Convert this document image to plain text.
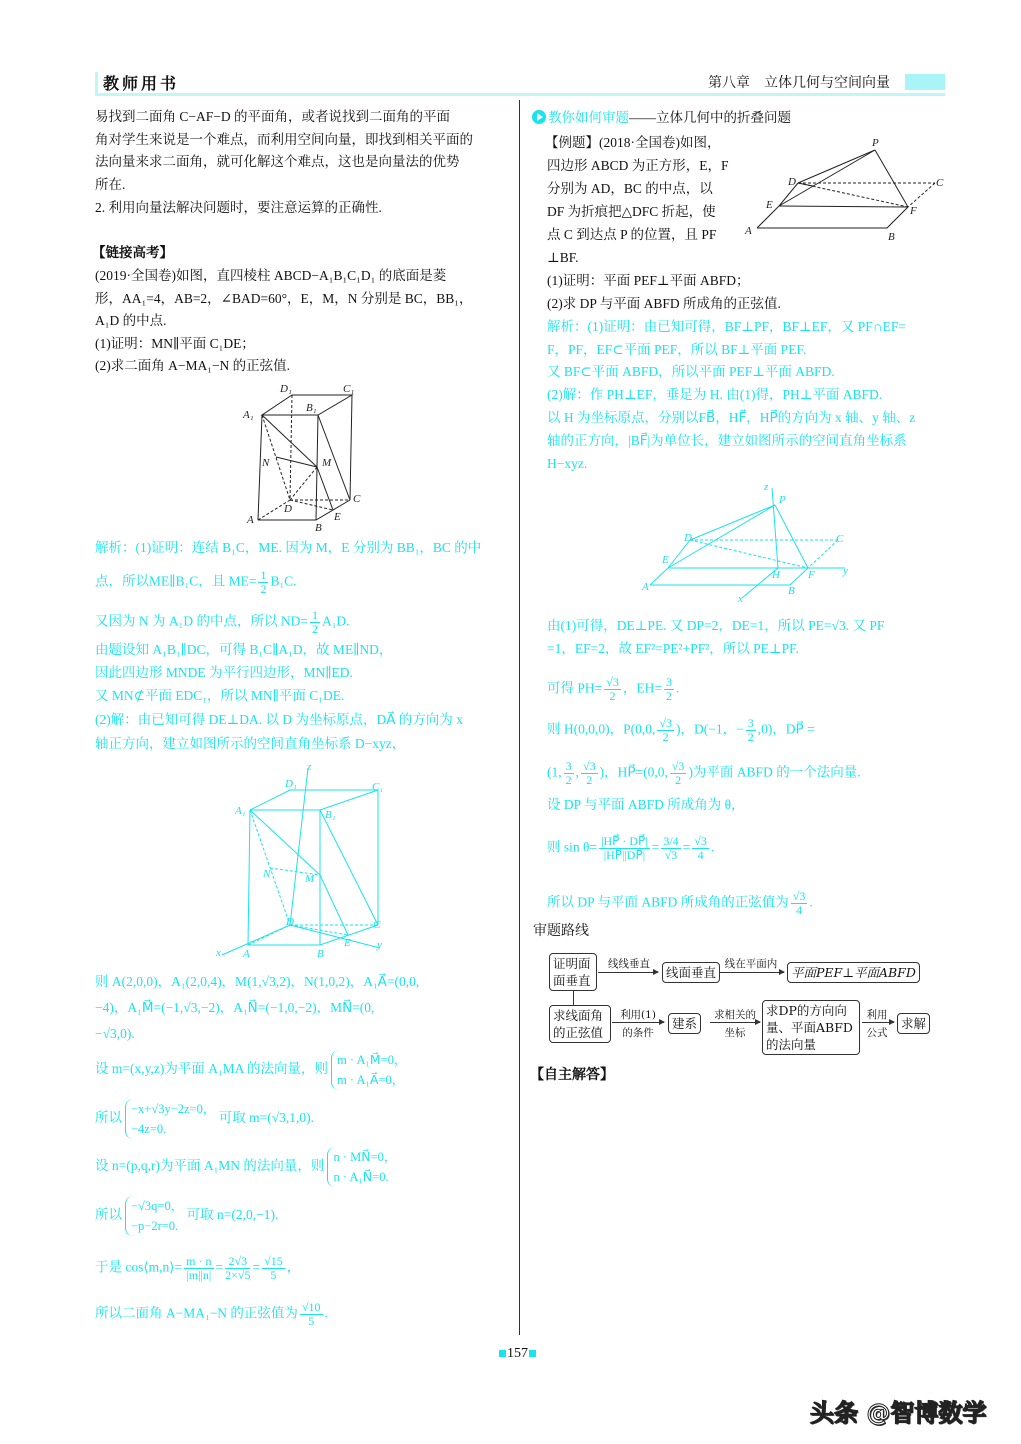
教师用书	第八章　立体几何与空间向量
易找到二面角 C−AF−D 的平面角，或者说找到二面角的平面
角对学生来说是一个难点，而利用空间向量，即找到相关平面的
法向量来求二面角，就可化解这个难点，这也是向量法的优势
所在.
2. 利用向量法解决问题时，要注意运算的正确性.
【链接高考】
(2019·全国卷)如图，直四棱柱 ABCD−A₁B₁C₁D₁ 的底面是菱
形，AA₁=4，AB=2，∠BAD=60°，E，M，N 分别是 BC，BB₁，
A₁D 的中点.
(1)证明：MN∥平面 C₁DE；
(2)求二面角 A−MA₁−N 的正弦值.
A₁
B₁
C₁
D₁
A
B
C
D
E
M
N
解析：(1)证明：连结 B₁C，ME. 因为 M，E 分别为 BB₁，BC 的中
点，所以ME∥B₁C，且 $ME= \frac{1}{2} B_1C$.
又因为 N 为 A₁D 的中点，所以 $ND= \frac{1}{2} A_1D$.
由题设知 A₁B₁∥DC，可得 B₁C∥A₁D，故 ME∥ND，
因此四边形 MNDE 为平行四边形，MN∥ED.
又 MN⊄平面 EDC₁，所以 MN∥平面 C₁DE.
(2)解：由已知可得 DE⊥DA. 以 D 为坐标原点，DA⃗ 的方向为 x
轴正方向，建立如图所示的空间直角坐标系 D−xyz，
A₁	B₁
C₁
D₁
A	B
C
D
E
M
N
x
y
z
则 A(2,0,0)，A₁(2,0,4)，M(1,√3,2)，N(1,0,2)，A₁A⃗=(0,0,
−4)，A₁M⃗=(−1,√3,−2)，A₁N⃗=(−1,0,−2)，MN⃗=(0,
−√3,0).
设 m=(x,y,z)为平面 A₁MA 的法向量，则
m · A₁M⃗=0，
m · A₁A⃗=0，
所以
−x+√3y−2z=0，
−4z=0.
可取 m=(√3,1,0).
设 n=(p,q,r)为平面 A₁MN 的法向量，则
n · MN⃗=0，
n · A₁N⃗=0.
所以
−√3q=0，
−p−2r=0.
可取 n=(2,0,−1).
于是 cos⟨m,n⟩= $\frac{m \cdot n}{|m||n|} = \frac{2√3}{2\times√5} = \frac{√15}{5}$ ，
所以二面角 A−MA₁−N 的正弦值为 $\frac{√10}{5}$ .
教你如何审题——立体几何中的折叠问题
【例题】(2018·全国卷)如图，
四边形 ABCD 为正方形，E，F
分别为 AD，BC 的中点，以
DF 为折痕把△DFC 折起，使
点 C 到达点 P 的位置，且 PF
⊥BF.
(1)证明：平面 PEF⊥平面 ABFD；
(2)求 DP 与平面 ABFD 所成角的正弦值.
P
D	C
E	F
A	B
解析：(1)证明：由已知可得，BF⊥PF，BF⊥EF，又 PF∩EF=
F，PF，EF⊂平面 PEF，所以 BF⊥平面 PEF.
又 BF⊂平面 ABFD，所以平面 PEF⊥平面 ABFD.
(2)解：作 PH⊥EF，垂足为 H. 由(1)得，PH⊥平面 ABFD.
以 H 为坐标原点，分别以FB⃗，HF⃗，HP⃗的方向为 x 轴、y 轴、z
轴的正方向，|BF⃗|为单位长，建立如图所示的空间直角坐标系
H−xyz.
P
D	C
E
F
A	B
H
x
y
z
由(1)可得，DE⊥PE. 又 DP=2，DE=1，所以 PE=√3. 又 PF
=1，EF=2，故 EF²=PE²+PF²，所以 PE⊥PF.
可得 $PH= \frac{√3}{2}$ ，$EH= \frac{3}{2}$ .
则 H(0,0,0)，P(0,0, $\frac{√3}{2}$ )，D(−1，− $\frac{3}{2} ,0$)，DP⃗ =
(1, $\frac{3}{2}$ , $\frac{√3}{2}$ )，HP⃗=(0,0, $\frac{√3}{2}$ )为平面 ABFD 的一个法向量.
设 DP 与平面 ABFD 所成角为 θ，
则 $\sin \theta= \frac{|HP⃗ \cdot DP⃗|}{|HP⃗||DP⃗|} = \frac{3/4}{√3} = \frac{√3}{4}$ .
所以 DP 与平面 ABFD 所成角的正弦值为 $\frac{√3}{4}$ .
审题路线
证明面面垂直
线线垂直
线面垂直
线在平面内
平面PEF⊥平面ABFD
求线面角的正弦值
利用(1)的条件
建系
求相关的坐标
求DP的方向向量、平面ABFD的法向量
利用公式
求解
【自主解答】
157
头条 @智博数学
